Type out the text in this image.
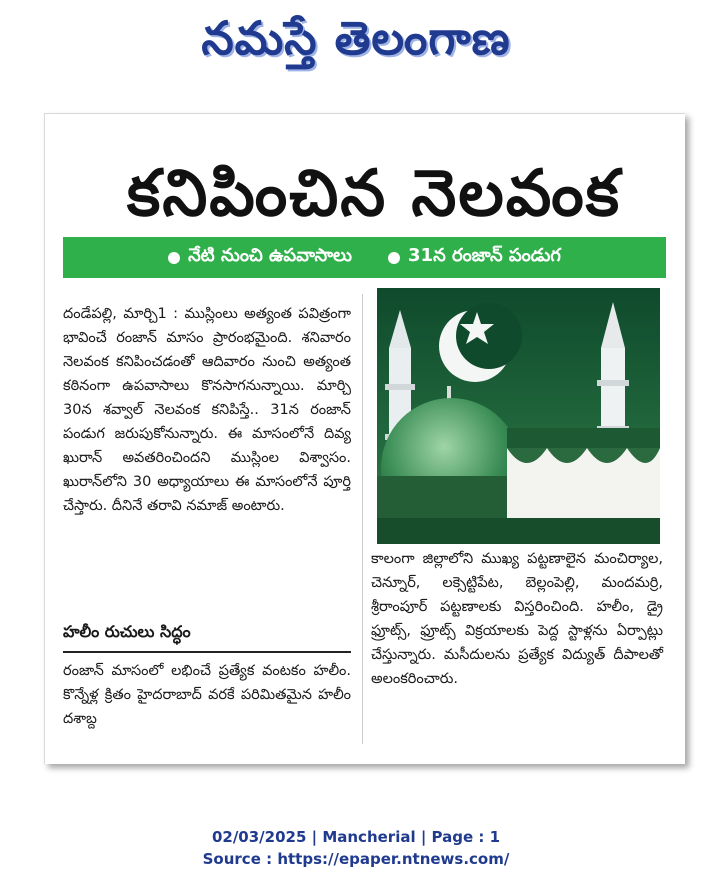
నమస్తే తెలంగాణ
కనిపించిన నెలవంక
నేటి నుంచి ఉపవాసాలు	31న రంజాన్ పండుగ

దండేపల్లి, మార్చి1 : ముస్లింలు అత్యంత పవిత్రంగా భావించే రంజాన్ మాసం ప్రారంభమైంది. శనివారం నెలవంక కనిపించడంతో ఆదివారం నుంచి అత్యంత కఠినంగా ఉపవాసాలు కొనసాగనున్నాయి. మార్చి 30న శవ్వాల్ నెలవంక కనిపిస్తే.. 31న రంజాన్ పండుగ జరుపుకోనున్నారు. ఈ మాసంలోనే దివ్య ఖురాన్ అవతరించిందని ముస్లింల విశ్వాసం. ఖురాన్‌లోని 30 అధ్యాయాలు ఈ మాసంలోనే పూర్తి చేస్తారు. దీనినే తరావి నమాజ్ అంటారు.

హలీం రుచులు సిద్ధం

రంజాన్ మాసంలో లభించే ప్రత్యేక వంటకం హలీం. కొన్నేళ్ల క్రితం హైదరాబాద్ వరకే పరిమితమైన హలీం దశాబ్ద

కాలంగా జిల్లాలోని ముఖ్య పట్టణాలైన మంచిర్యాల, చెన్నూర్, లక్సెట్టిపేట, బెల్లంపెల్లి, మందమర్రి, శ్రీరాంపూర్ పట్టణాలకు విస్తరించింది. హలీం, డ్రై ఫ్రూట్స్, ఫ్రూట్స్ విక్రయాలకు పెద్ద స్టాళ్లను ఏర్పాట్లు చేస్తున్నారు. మసీదులను ప్రత్యేక విద్యుత్ దీపాలతో అలంకరించారు.

02/03/2025 | Mancherial | Page : 1
Source : https://epaper.ntnews.com/
